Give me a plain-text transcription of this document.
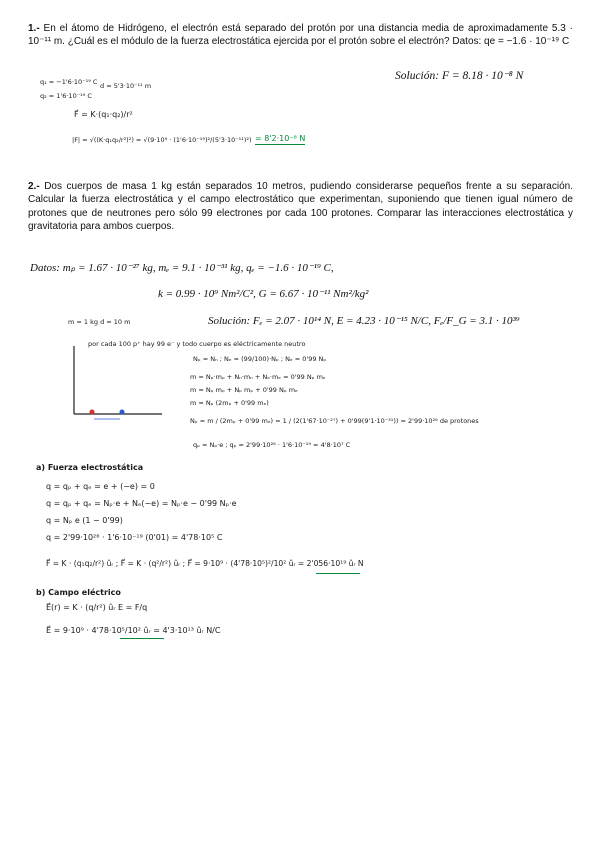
1.- En el átomo de Hidrógeno, el electrón está separado del protón por una distancia media de aproximadamente 5.3 · 10⁻¹¹ m. ¿Cuál es el módulo de la fuerza electrostática ejercida por el protón sobre el electrón? Datos: qe = −1.6 · 10⁻¹⁹ C
Solución: F = 8.18 · 10⁻⁸ N
q₁ = −1'6·10⁻¹⁹ C d = 5'3·10⁻¹¹ m
q₂ = 1'6·10⁻¹⁹ C
F⃗ = K·(q₁·q₂)/r²
|F| = √((K·q₁q₂/r²)²) = √(9·10⁹ · (1'6·10⁻¹⁹)²/(5'3·10⁻¹¹)²) = 8'2·10⁻⁸ N
2.- Dos cuerpos de masa 1 kg están separados 10 metros, pudiendo considerarse pequeños frente a su separación. Calcular la fuerza electrostática y el campo electrostático que experimentan, suponiendo que tienen igual número de protones que de neutrones pero sólo 99 electrones por cada 100 protones. Comparar las interacciones electrostática y gravitatoria para ambos cuerpos.
Datos: mₚ = 1.67 · 10⁻²⁷ kg, mₑ = 9.1 · 10⁻³¹ kg, qₑ = −1.6 · 10⁻¹⁹ C,
k = 0.99 · 10⁹ Nm²/C², G = 6.67 · 10⁻¹¹ Nm²/kg²
Solución: Fₑ = 2.07 · 10¹⁴ N, E = 4.23 · 10⁻¹⁵ N/C, Fₑ/F_G = 3.1 · 10³⁹
m = 1 kg d = 10 m
por cada 100 p⁺ hay 99 e⁻ y todo cuerpo es eléctricamente neutro
Nₚ = Nₙ ; Nₑ = (99/100)·Nₚ ; Nₑ = 0'99 Nₚ
m = Nₚ·mₚ + Nₙ·mₙ + Nₑ·mₑ = 0'99 Nₚ mₑ
m = Nₚ mₚ + Nₚ mₚ + 0'99 Nₚ mₑ
m = Nₚ (2mₚ + 0'99 mₑ)
Nₚ = m / (2mₚ + 0'99 mₑ) = 1 / (2(1'67·10⁻²⁷) + 0'99(9'1·10⁻³¹)) = 2'99·10²⁶ de protones
qₚ = Nₚ·e ; qₚ = 2'99·10²⁶ · 1'6·10⁻¹⁹ = 4'8·10⁷ C
a) Fuerza electrostática
q = qₚ + qₑ = e + (−e) = 0
q = qₚ + qₑ = Nₚ·e + Nₑ(−e) = Nₚ·e − 0'99 Nₚ·e
q = Nₚ e (1 − 0'99)
q = 2'99·10²⁶ · 1'6·10⁻¹⁹ (0'01) = 4'78·10⁵ C
F⃗ = K · (q₁q₂/r²) ûᵣ ; F⃗ = K · (q²/r²) ûᵣ ; F⃗ = 9·10⁹ · (4'78·10⁵)²/10² ûᵣ = 2'056·10¹⁹ ûᵣ N
b) Campo eléctrico
E⃗(r) = K · (q/r²) ûᵣ E = F/q
E⃗ = 9·10⁹ · 4'78·10⁵/10² ûᵣ = 4'3·10¹³ ûᵣ N/C
